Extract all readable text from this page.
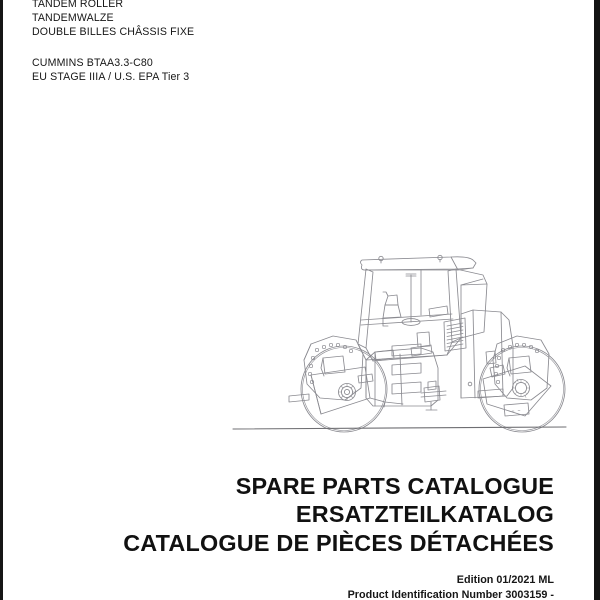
TANDEM ROLLER
TANDEMWALZE
DOUBLE BILLES CHÂSSIS FIXE
CUMMINS BTAA3.3-C80
EU STAGE IIIA / U.S. EPA Tier 3
SPARE PARTS CATALOGUE
ERSATZTEILKATALOG
CATALOGUE DE PIÈCES DÉTACHÉES
Edition 01/2021 ML
Product Identification Number 3003159 -
